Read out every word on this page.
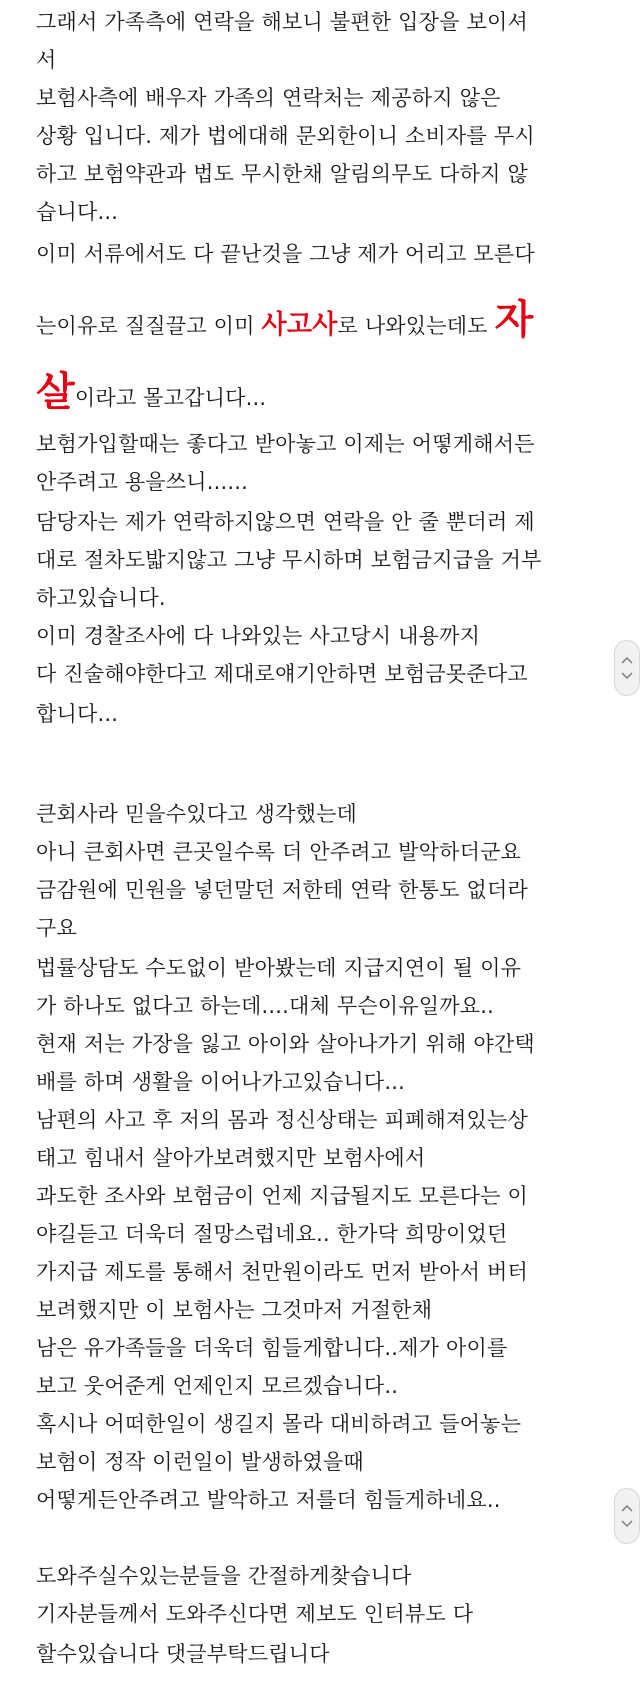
그래서 가족측에 연락을 해보니 불편한 입장을 보이셔
서
보험사측에 배우자 가족의 연락처는 제공하지 않은
상황 입니다. 제가 법에대해 문외한이니 소비자를 무시
하고 보험약관과 법도 무시한채 알림의무도 다하지 않
습니다...
이미 서류에서도 다 끝난것을 그냥 제가 어리고 모른다
는이유로 질질끌고 이미 사고사로 나와있는데도 자
살이라고 몰고갑니다...
보험가입할때는 좋다고 받아놓고 이제는 어떻게해서든
안주려고 용을쓰니......
담당자는 제가 연락하지않으면 연락을 안 줄 뿐더러 제
대로 절차도밟지않고 그냥 무시하며 보험금지급을 거부
하고있습니다.
이미 경찰조사에 다 나와있는 사고당시 내용까지
다 진술해야한다고 제대로얘기안하면 보험금못준다고
합니다...
큰회사라 믿을수있다고 생각했는데
아니 큰회사면 큰곳일수록 더 안주려고 발악하더군요
금감원에 민원을 넣던말던 저한테 연락 한통도 없더라
구요
법률상담도 수도없이 받아봤는데 지급지연이 될 이유
가 하나도 없다고 하는데....대체 무슨이유일까요..
현재 저는 가장을 잃고 아이와 살아나가기 위해 야간택
배를 하며 생활을 이어나가고있습니다...
남편의 사고 후 저의 몸과 정신상태는 피폐해져있는상
태고 힘내서 살아가보려했지만 보험사에서
과도한 조사와 보험금이 언제 지급될지도 모른다는 이
야길듣고 더욱더 절망스럽네요.. 한가닥 희망이었던
가지급 제도를 통해서 천만원이라도 먼저 받아서 버터
보려했지만 이 보험사는 그것마저 거절한채
남은 유가족들을 더욱더 힘들게합니다..제가 아이를
보고 웃어준게 언제인지 모르겠습니다..
혹시나 어떠한일이 생길지 몰라 대비하려고 들어놓는
보험이 정작 이런일이 발생하였을때
어떻게든안주려고 발악하고 저를더 힘들게하네요..
도와주실수있는분들을 간절하게찾습니다
기자분들께서 도와주신다면 제보도 인터뷰도 다
할수있습니다 댓글부탁드립니다
